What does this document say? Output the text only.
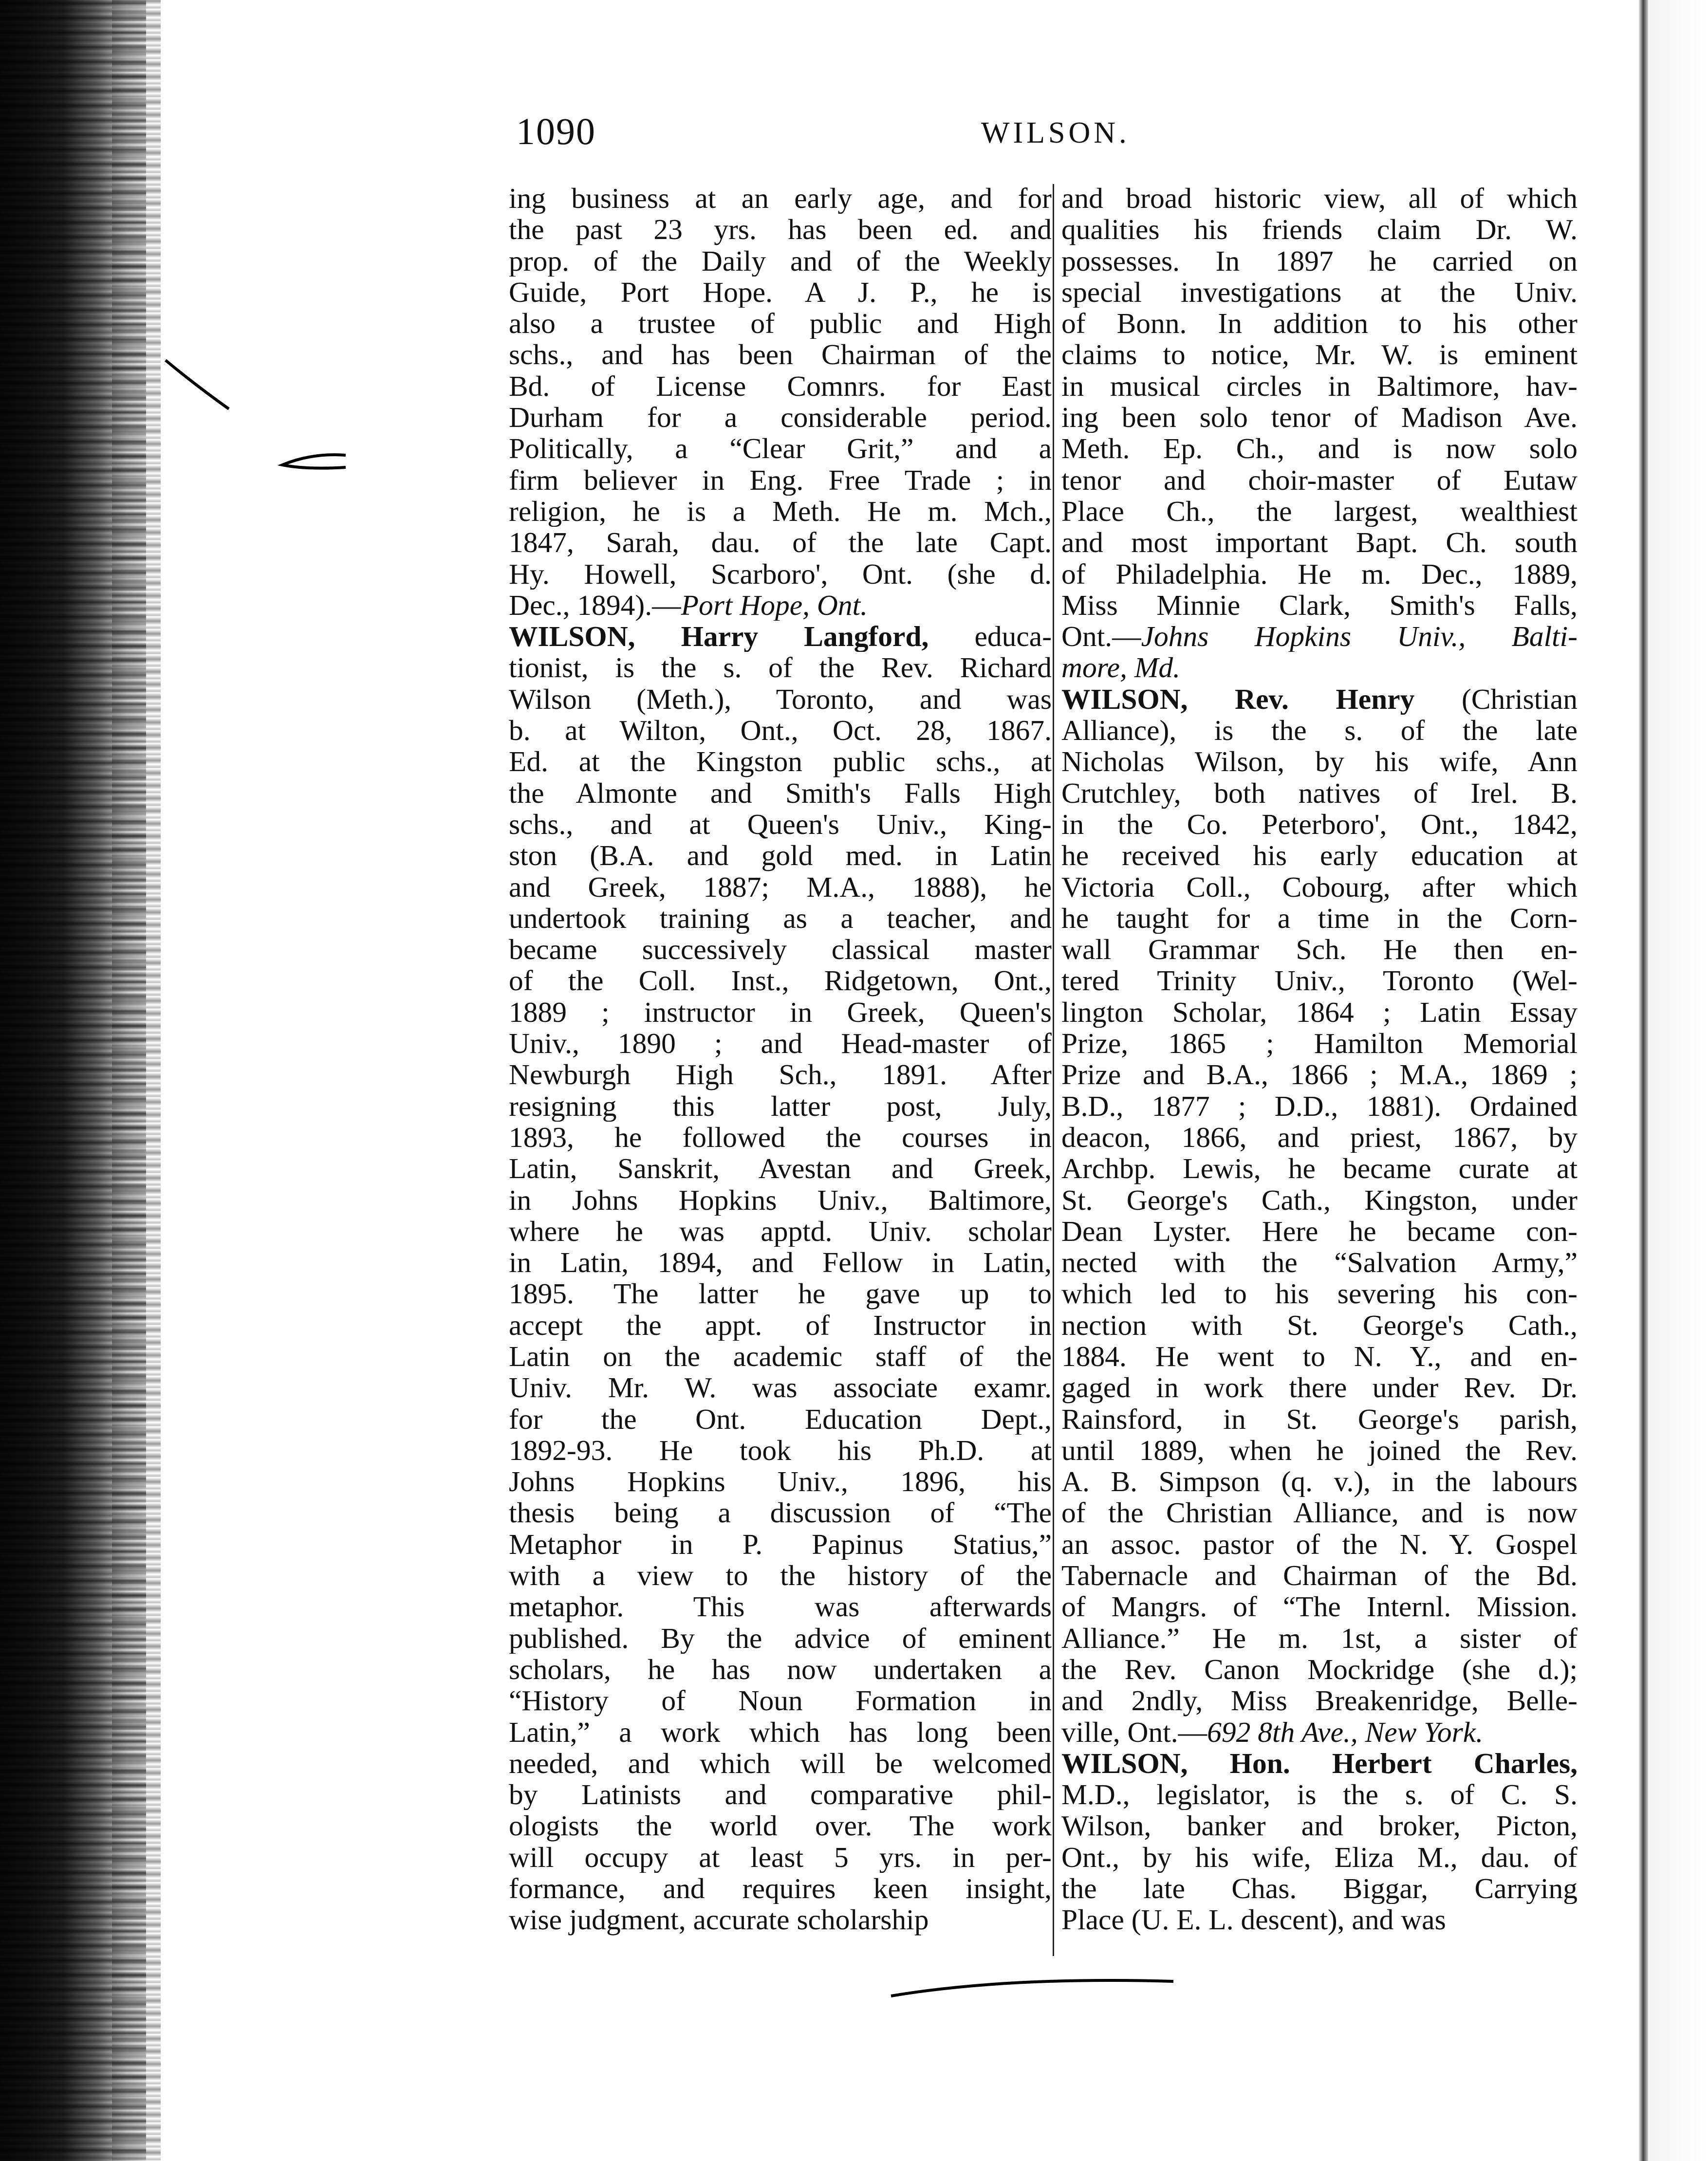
1090	WILSON.
ing business at an early age, and for
the past 23 yrs. has been ed. and
prop. of the Daily and of the Weekly
Guide, Port Hope. A J. P., he is
also a trustee of public and High
schs., and has been Chairman of the
Bd. of License Comnrs. for East
Durham for a considerable period.
Politically, a “Clear Grit,” and a
firm believer in Eng. Free Trade ; in
religion, he is a Meth. He m. Mch.,
1847, Sarah, dau. of the late Capt.
Hy. Howell, Scarboro', Ont. (she d.
Dec., 1894).—Port Hope, Ont.
WILSON, Harry Langford, educa-
tionist, is the s. of the Rev. Richard
Wilson (Meth.), Toronto, and was
b. at Wilton, Ont., Oct. 28, 1867.
Ed. at the Kingston public schs., at
the Almonte and Smith's Falls High
schs., and at Queen's Univ., King-
ston (B.A. and gold med. in Latin
and Greek, 1887; M.A., 1888), he
undertook training as a teacher, and
became successively classical master
of the Coll. Inst., Ridgetown, Ont.,
1889 ; instructor in Greek, Queen's
Univ., 1890 ; and Head-master of
Newburgh High Sch., 1891. After
resigning this latter post, July,
1893, he followed the courses in
Latin, Sanskrit, Avestan and Greek,
in Johns Hopkins Univ., Baltimore,
where he was apptd. Univ. scholar
in Latin, 1894, and Fellow in Latin,
1895. The latter he gave up to
accept the appt. of Instructor in
Latin on the academic staff of the
Univ. Mr. W. was associate examr.
for the Ont. Education Dept.,
1892-93. He took his Ph.D. at
Johns Hopkins Univ., 1896, his
thesis being a discussion of “The
Metaphor in P. Papinus Statius,”
with a view to the history of the
metaphor. This was afterwards
published. By the advice of eminent
scholars, he has now undertaken a
“History of Noun Formation in
Latin,” a work which has long been
needed, and which will be welcomed
by Latinists and comparative phil-
ologists the world over. The work
will occupy at least 5 yrs. in per-
formance, and requires keen insight,
wise judgment, accurate scholarship
and broad historic view, all of which
qualities his friends claim Dr. W.
possesses. In 1897 he carried on
special investigations at the Univ.
of Bonn. In addition to his other
claims to notice, Mr. W. is eminent
in musical circles in Baltimore, hav-
ing been solo tenor of Madison Ave.
Meth. Ep. Ch., and is now solo
tenor and choir-master of Eutaw
Place Ch., the largest, wealthiest
and most important Bapt. Ch. south
of Philadelphia. He m. Dec., 1889,
Miss Minnie Clark, Smith's Falls,
Ont.—Johns Hopkins Univ., Balti-
more, Md.
WILSON, Rev. Henry (Christian
Alliance), is the s. of the late
Nicholas Wilson, by his wife, Ann
Crutchley, both natives of Irel. B.
in the Co. Peterboro', Ont., 1842,
he received his early education at
Victoria Coll., Cobourg, after which
he taught for a time in the Corn-
wall Grammar Sch. He then en-
tered Trinity Univ., Toronto (Wel-
lington Scholar, 1864 ; Latin Essay
Prize, 1865 ; Hamilton Memorial
Prize and B.A., 1866 ; M.A., 1869 ;
B.D., 1877 ; D.D., 1881). Ordained
deacon, 1866, and priest, 1867, by
Archbp. Lewis, he became curate at
St. George's Cath., Kingston, under
Dean Lyster. Here he became con-
nected with the “Salvation Army,”
which led to his severing his con-
nection with St. George's Cath.,
1884. He went to N. Y., and en-
gaged in work there under Rev. Dr.
Rainsford, in St. George's parish,
until 1889, when he joined the Rev.
A. B. Simpson (q. v.), in the labours
of the Christian Alliance, and is now
an assoc. pastor of the N. Y. Gospel
Tabernacle and Chairman of the Bd.
of Mangrs. of “The Internl. Mission.
Alliance.” He m. 1st, a sister of
the Rev. Canon Mockridge (she d.);
and 2ndly, Miss Breakenridge, Belle-
ville, Ont.—692 8th Ave., New York.
WILSON, Hon. Herbert Charles,
M.D., legislator, is the s. of C. S.
Wilson, banker and broker, Picton,
Ont., by his wife, Eliza M., dau. of
the late Chas. Biggar, Carrying
Place (U. E. L. descent), and was
